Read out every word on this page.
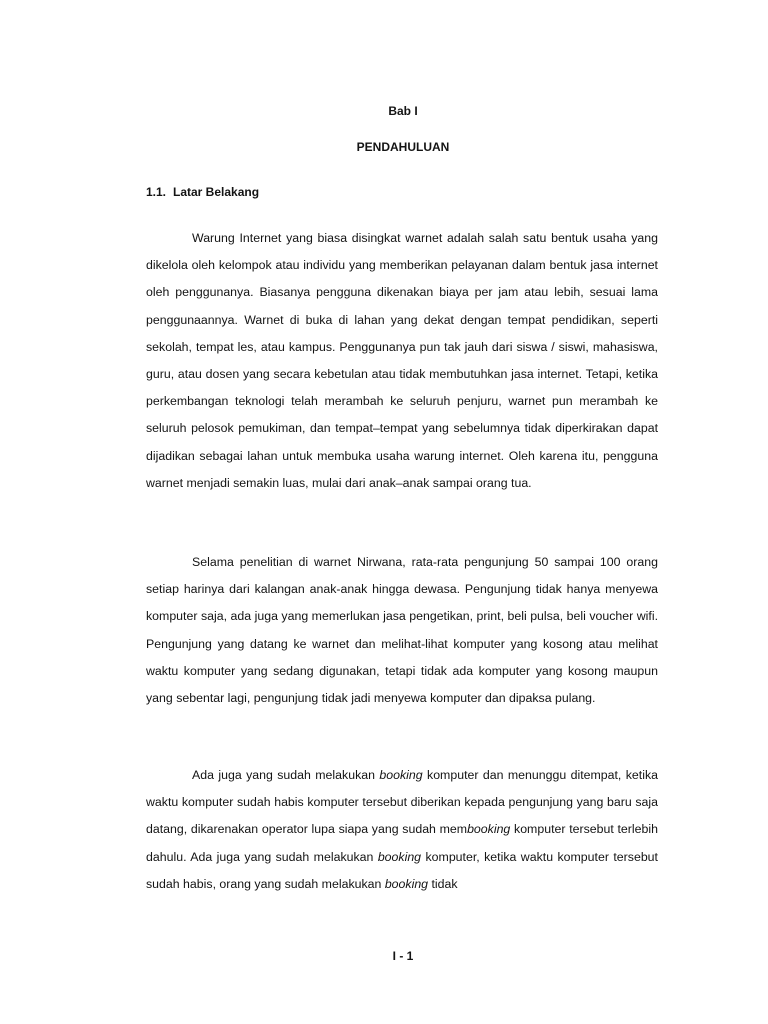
Bab I
PENDAHULUAN
1.1. Latar Belakang

Warung Internet yang biasa disingkat warnet adalah salah satu bentuk usaha yang dikelola oleh kelompok atau individu yang memberikan pelayanan dalam bentuk jasa internet oleh penggunanya. Biasanya pengguna dikenakan biaya per jam atau lebih, sesuai lama penggunaannya. Warnet di buka di lahan yang dekat dengan tempat pendidikan, seperti sekolah, tempat les, atau kampus. Penggunanya pun tak jauh dari siswa / siswi, mahasiswa, guru, atau dosen yang secara kebetulan atau tidak membutuhkan jasa internet. Tetapi, ketika perkembangan teknologi telah merambah ke seluruh penjuru, warnet pun merambah ke seluruh pelosok pemukiman, dan tempat–tempat yang sebelumnya tidak diperkirakan dapat dijadikan sebagai lahan untuk membuka usaha warung internet. Oleh karena itu, pengguna warnet menjadi semakin luas, mulai dari anak–anak sampai orang tua.

Selama penelitian di warnet Nirwana, rata-rata pengunjung 50 sampai 100 orang setiap harinya dari kalangan anak-anak hingga dewasa. Pengunjung tidak hanya menyewa komputer saja, ada juga yang memerlukan jasa pengetikan, print, beli pulsa, beli voucher wifi. Pengunjung yang datang ke warnet dan melihat-lihat komputer yang kosong atau melihat waktu komputer yang sedang digunakan, tetapi tidak ada komputer yang kosong maupun yang sebentar lagi, pengunjung tidak jadi menyewa komputer dan dipaksa pulang.

Ada juga yang sudah melakukan booking komputer dan menunggu ditempat, ketika waktu komputer sudah habis komputer tersebut diberikan kepada pengunjung yang baru saja datang, dikarenakan operator lupa siapa yang sudah membooking komputer tersebut terlebih dahulu. Ada juga yang sudah melakukan booking komputer, ketika waktu komputer tersebut sudah habis, orang yang sudah melakukan booking tidak

I - 1
